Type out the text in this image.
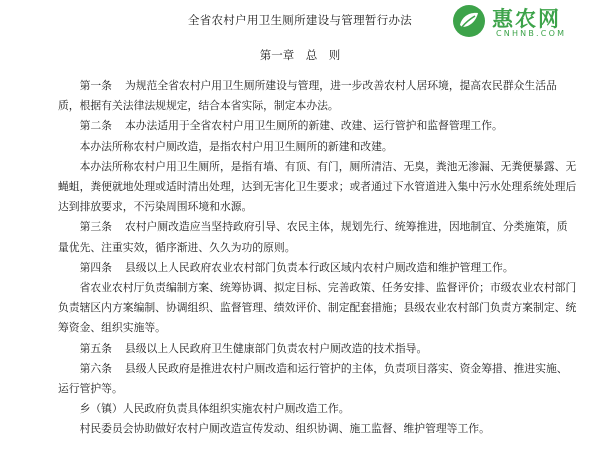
惠农网
CNHNB.COM
全省农村户用卫生厕所建设与管理暂行办法
第一章　总　则

第一条 为规范全省农村户用卫生厕所建设与管理，进一步改善农村人居环境，提高农民群众生活品质，根据有关法律法规规定，结合本省实际，制定本办法。

第二条 本办法适用于全省农村户用卫生厕所的新建、改建、运行管护和监督管理工作。

本办法所称农村户厕改造，是指农村户用卫生厕所的新建和改建。

本办法所称农村户用卫生厕所，是指有墙、有顶、有门，厕所清洁、无臭，粪池无渗漏、无粪便暴露、无蝇蛆，粪便就地处理或适时清出处理，达到无害化卫生要求；或者通过下水管道进入集中污水处理系统处理后达到排放要求，不污染周围环境和水源。

第三条 农村户厕改造应当坚持政府引导、农民主体，规划先行、统筹推进，因地制宜、分类施策，质量优先、注重实效，循序渐进、久久为功的原则。

第四条 县级以上人民政府农业农村部门负责本行政区域内农村户厕改造和维护管理工作。

省农业农村厅负责编制方案、统筹协调、拟定目标、完善政策、任务安排、监督评价；市级农业农村部门负责辖区内方案编制、协调组织、监督管理、绩效评价、制定配套措施；县级农业农村部门负责方案制定、统筹资金、组织实施等。

第五条 县级以上人民政府卫生健康部门负责农村户厕改造的技术指导。

第六条 县级人民政府是推进农村户厕改造和运行管护的主体，负责项目落实、资金筹措、推进实施、运行管护等。

乡（镇）人民政府负责具体组织实施农村户厕改造工作。

村民委员会协助做好农村户厕改造宣传发动、组织协调、施工监督、维护管理等工作。
